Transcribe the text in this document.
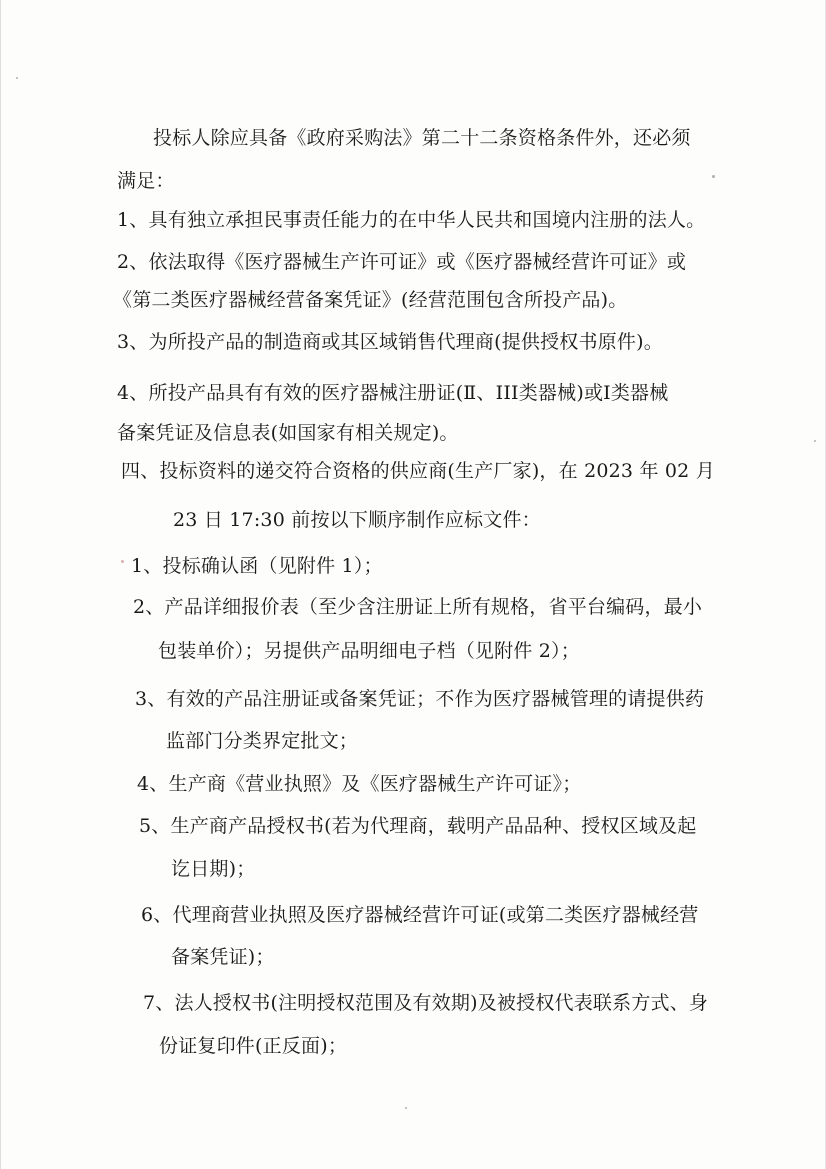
投标人除应具备《政府采购法》第二十二条资格条件外，还必须
满足：
1、具有独立承担民事责任能力的在中华人民共和国境内注册的法人。
2、依法取得《医疗器械生产许可证》或《医疗器械经营许可证》或
《第二类医疗器械经营备案凭证》(经营范围包含所投产品)。
3、为所投产品的制造商或其区域销售代理商(提供授权书原件)。
4、所投产品具有有效的医疗器械注册证(Ⅱ、III类器械)或Ⅰ类器械
备案凭证及信息表(如国家有相关规定)。
四、投标资料的递交符合资格的供应商(生产厂家)，在 2023 年 02 月
23 日 17:30 前按以下顺序制作应标文件：
1、投标确认函（见附件 1）；
2、产品详细报价表（至少含注册证上所有规格，省平台编码，最小
包装单价）；另提供产品明细电子档（见附件 2）；
3、有效的产品注册证或备案凭证；不作为医疗器械管理的请提供药
监部门分类界定批文；
4、生产商《营业执照》及《医疗器械生产许可证》；
5、生产商产品授权书(若为代理商，载明产品品种、授权区域及起
讫日期)；
6、代理商营业执照及医疗器械经营许可证(或第二类医疗器械经营
备案凭证)；
7、法人授权书(注明授权范围及有效期)及被授权代表联系方式、身
份证复印件(正反面)；
